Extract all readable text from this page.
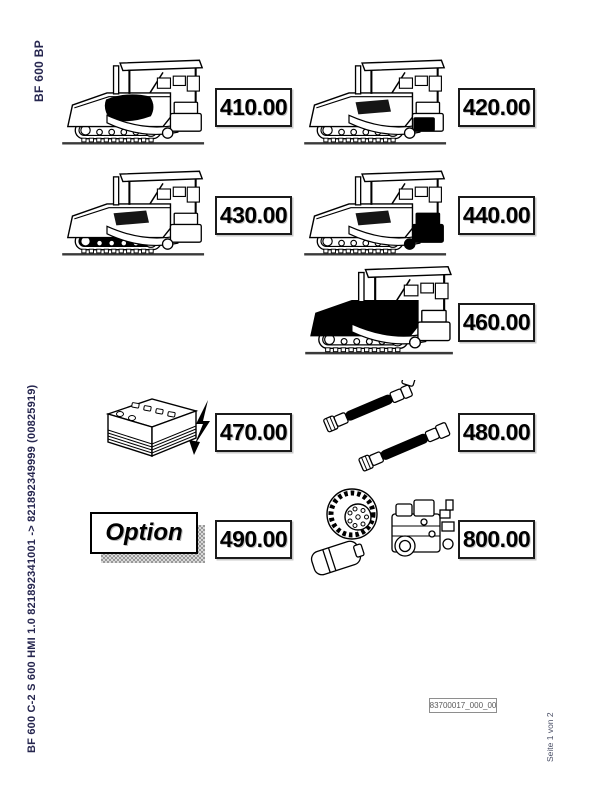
BF 600 BP
BF 600 C-2 S 600 HMI 1.0 821892341001 -> 821892349999 (00825919)
410.00	420.00
430.00	440.00
460.00
470.00	480.00
Option 490.00	800.00
83700017_000_00
Seite 1 von 2
